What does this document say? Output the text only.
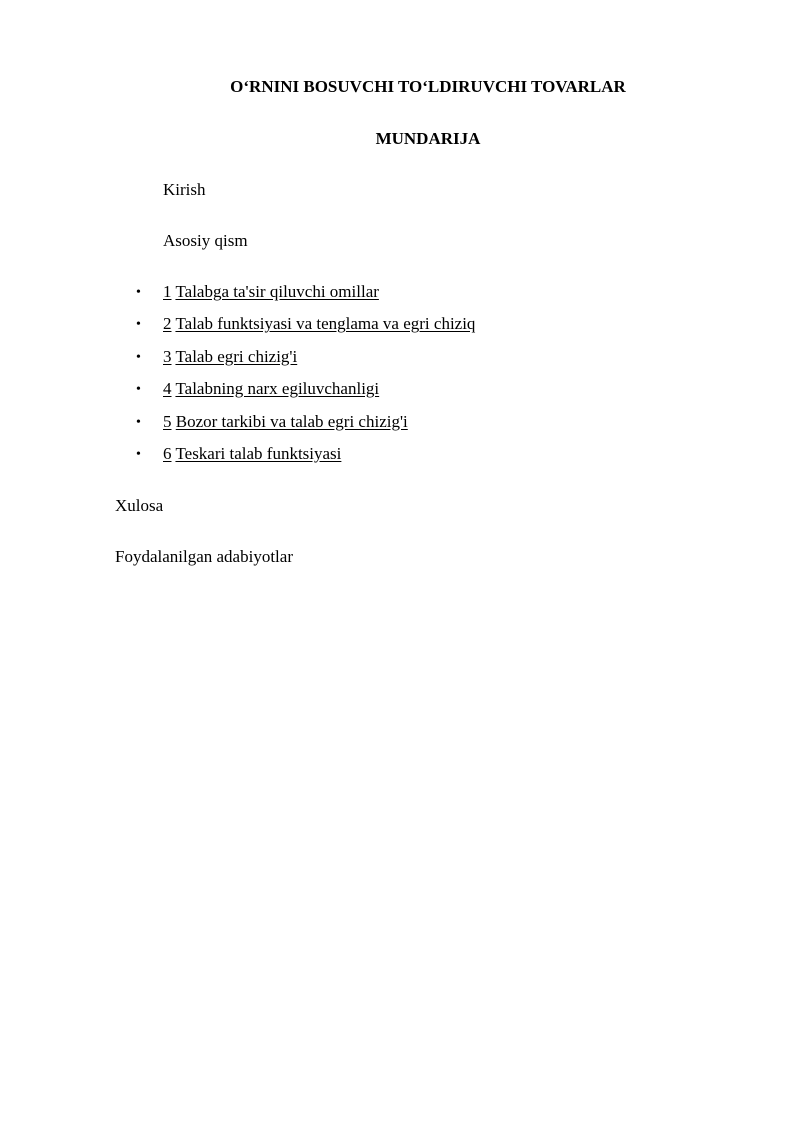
O‘RNINI BOSUVCHI TO‘LDIRUVCHI TOVARLAR
MUNDARIJA

Kirish

Asosiy qism

• 1 Talabga ta'sir qiluvchi omillar
• 2 Talab funktsiyasi va tenglama va egri chiziq
• 3 Talab egri chizig'i
• 4 Talabning narx egiluvchanligi
• 5 Bozor tarkibi va talab egri chizig'i
• 6 Teskari talab funktsiyasi

Xulosa

Foydalanilgan adabiyotlar
